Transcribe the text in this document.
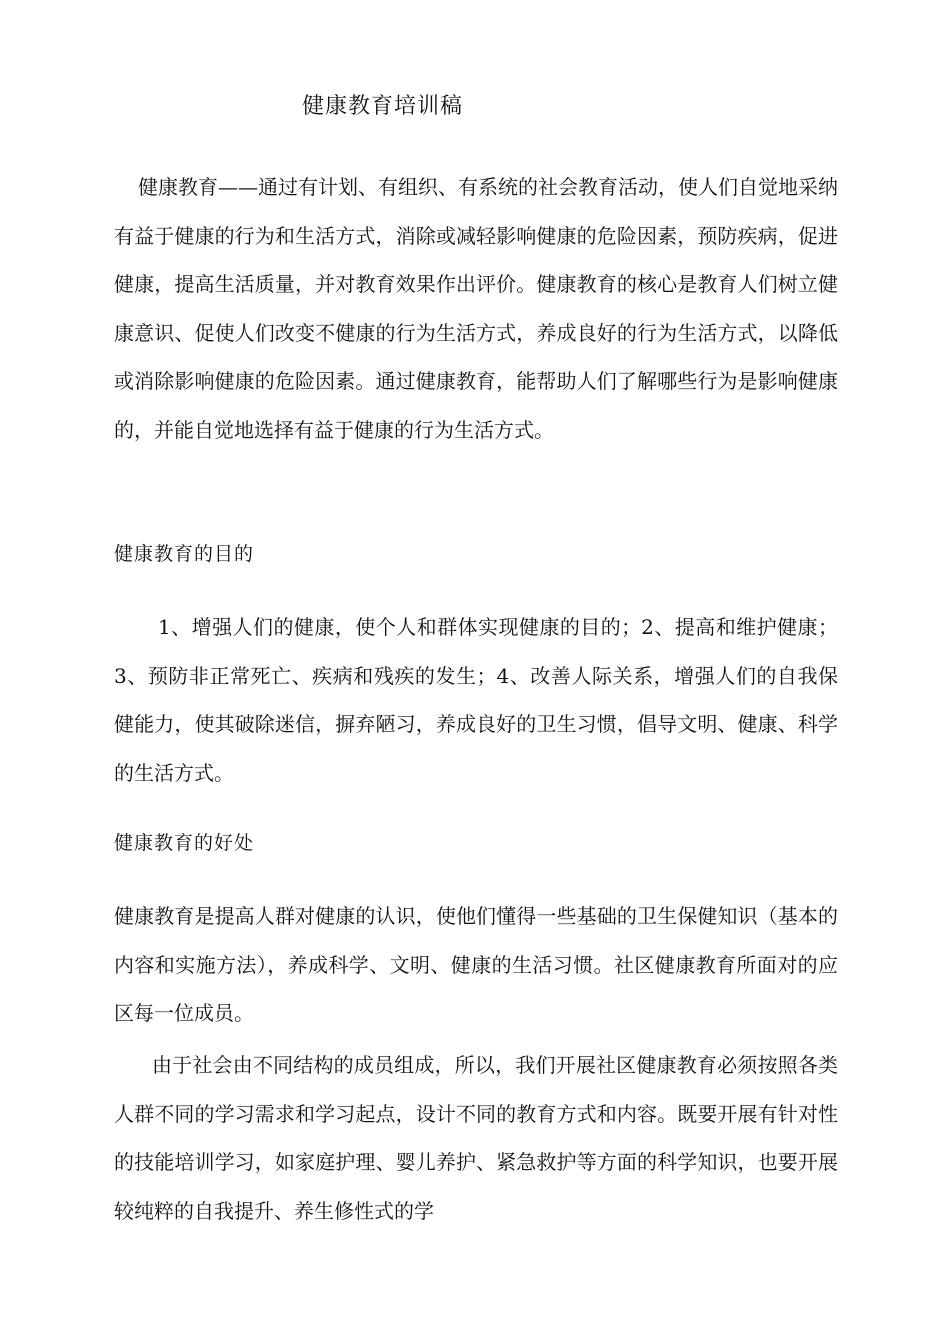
健康教育培训稿

健康教育——通过有计划、有组织、有系统的社会教育活动，使人们自觉地采纳有益于健康的行为和生活方式，消除或减轻影响健康的危险因素，预防疾病，促进健康，提高生活质量，并对教育效果作出评价。健康教育的核心是教育人们树立健康意识、促使人们改变不健康的行为生活方式，养成良好的行为生活方式，以降低或消除影响健康的危险因素。通过健康教育，能帮助人们了解哪些行为是影响健康的，并能自觉地选择有益于健康的行为生活方式。

健康教育的目的

1、增强人们的健康，使个人和群体实现健康的目的；2、提高和维护健康；3、预防非正常死亡、疾病和残疾的发生；4、改善人际关系，增强人们的自我保健能力，使其破除迷信，摒弃陋习，养成良好的卫生习惯，倡导文明、健康、科学的生活方式。

健康教育的好处

健康教育是提高人群对健康的认识，使他们懂得一些基础的卫生保健知识（基本的内容和实施方法），养成科学、文明、健康的生活习惯。社区健康教育所面对的应区每一位成员。

由于社会由不同结构的成员组成，所以，我们开展社区健康教育必须按照各类人群不同的学习需求和学习起点，设计不同的教育方式和内容。既要开展有针对性的技能培训学习，如家庭护理、婴儿养护、紧急救护等方面的科学知识，也要开展较纯粹的自我提升、养生修性式的学
